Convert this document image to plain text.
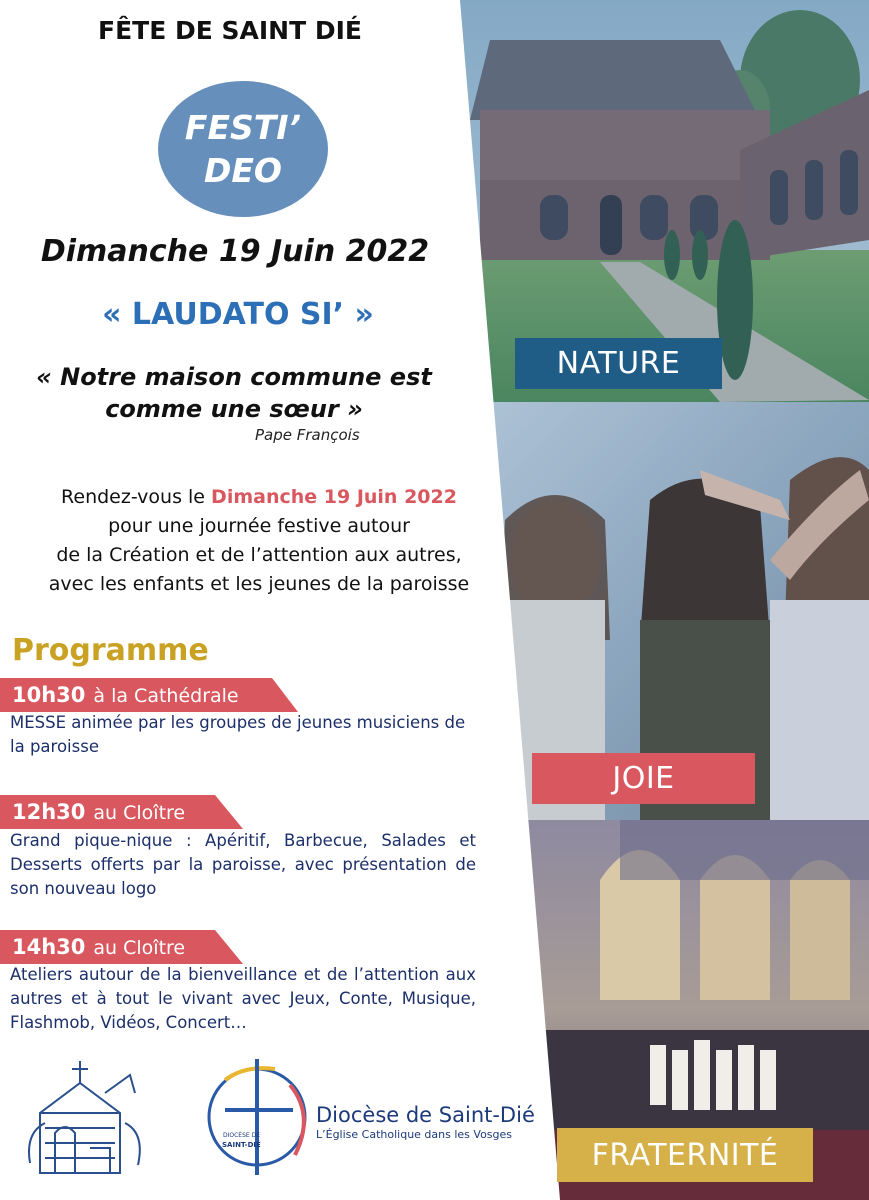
NATURE
JOIE
FRATERNITÉ
FÊTE DE SAINT DIÉ
FESTI’
DEO
Dimanche 19 Juin 2022
« LAUDATO SI’ »
« Notre maison commune est
comme une sœur »
Pape François
Rendez-vous le Dimanche 19 Juin 2022
pour une journée festive autour
de la Création et de l’attention aux autres,
avec les enfants et les jeunes de la paroisse
Programme
10h30 à la Cathédrale
MESSE animée par les groupes de jeunes musiciens de la paroisse
12h30 au Cloître
Grand pique-nique : Apéritif, Barbecue, Salades et Desserts offerts par la paroisse, avec présentation de son nouveau logo
14h30 au Cloître
Ateliers autour de la bienveillance et de l’attention aux autres et à tout le vivant avec Jeux, Conte, Musique, Flashmob, Vidéos, Concert…
DIOCÈSE DE
SAINT-DIÉ
Diocèse de Saint-Dié
L’Église Catholique dans les Vosges
